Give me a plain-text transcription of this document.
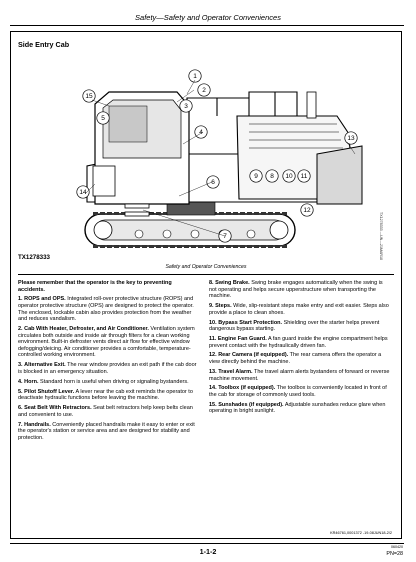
Safety—Safety and Operator Conveniences
Side Entry Cab
1
2
3
4
15
6
7
8
9	10 11
12
13
14
5
TX1278333	TX1278333 —UN—21MAR18
Safety and Operator Conveniences

Please remember that the operator is the key to preventing accidents.

1. ROPS and OPS. Integrated roll-over protective structure (ROPS) and operator protective structure (OPS) are designed to protect the operator. The enclosed, lockable cabin also provides protection from the weather and reduces vandalism.

2. Cab With Heater, Defroster, and Air Conditioner. Ventilation system circulates both outside and inside air through filters for a clean working environment. Built-in defroster vents direct air flow for effective window defogging/deicing. Air conditioner provides a comfortable, temperature-controlled working environment.

3. Alternative Exit. The rear window provides an exit path if the cab door is blocked in an emergency situation.

4. Horn. Standard horn is useful when driving or signaling bystanders.

5. Pilot Shutoff Lever. A lever near the cab exit reminds the operator to deactivate hydraulic functions before leaving the machine.

6. Seat Belt With Retractors. Seat belt retractors help keep belts clean and convenient to use.

7. Handrails. Conveniently placed handrails make it easy to enter or exit the operator's station or service area and are designed for stability and protection.

8. Swing Brake. Swing brake engages automatically when the swing is not operating and helps secure upperstructure when transporting the machine.

9. Steps. Wide, slip-resistant steps make entry and exit easier. Steps also provide a place to clean shoes.

10. Bypass Start Protection. Shielding over the starter helps prevent dangerous bypass starting.

11. Engine Fan Guard. A fan guard inside the engine compartment helps prevent contact with the hydraulically driven fan.

12. Rear Camera (if equipped). The rear camera offers the operator a view directly behind the machine.

13. Travel Alarm. The travel alarm alerts bystanders of forward or reverse machine movement.

14. Toolbox (if equipped). The toolbox is conveniently located in front of the cab for storage of commonly used tools.

15. Sunshades (if equipped). Adjustable sunshades reduce glare when operating in bright sunlight.

KR46761,0001372 -19-08JUN18-2/2
1-1-2	060420
PN=28
